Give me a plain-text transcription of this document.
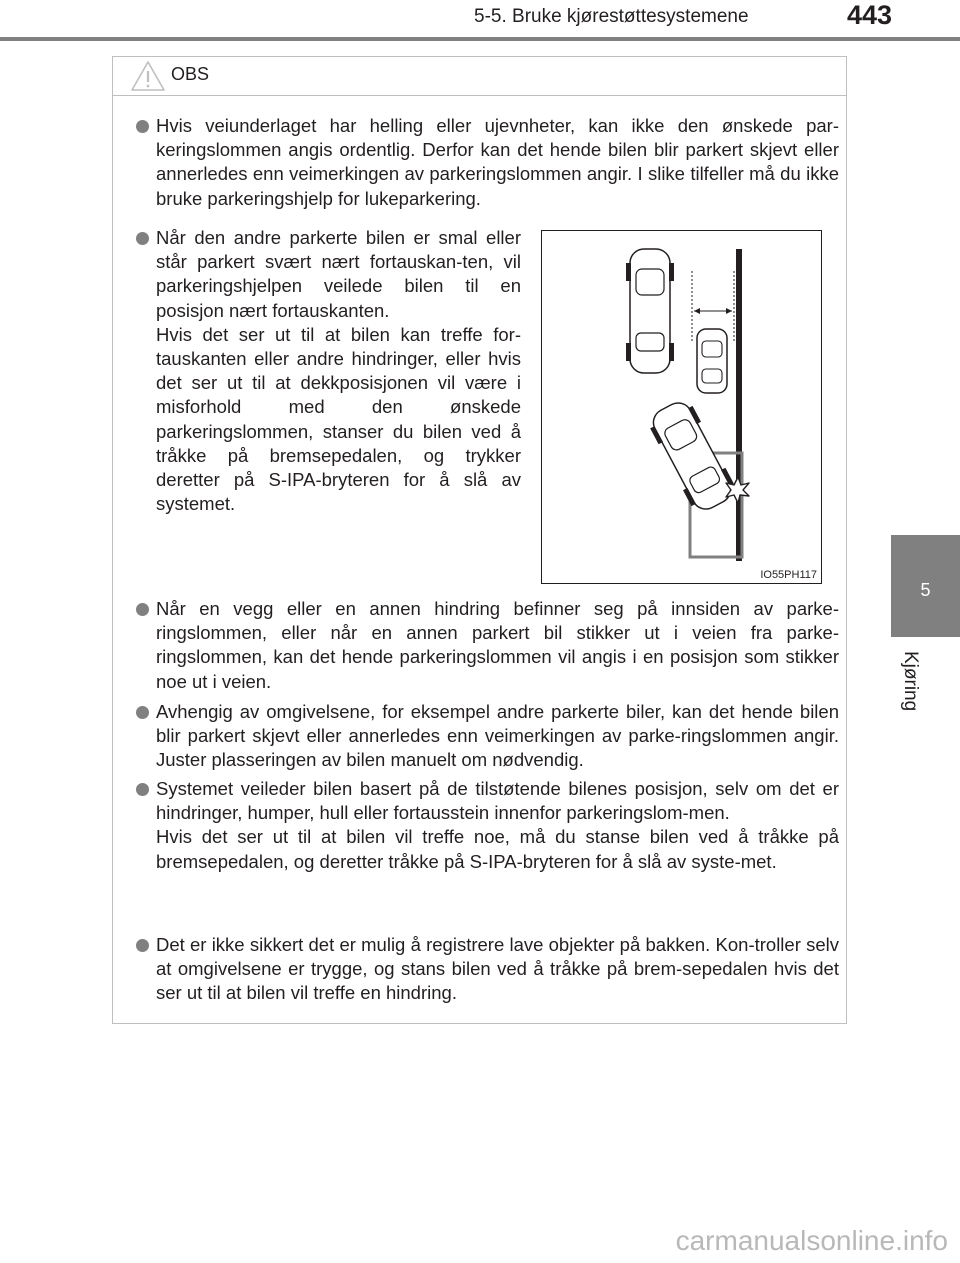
5-5. Bruke kjørestøttesystemene	443
5
Kjøring
OBS

Hvis veiunderlaget har helling eller ujevnheter, kan ikke den ønskede par-keringslommen angis ordentlig. Derfor kan det hende bilen blir parkert skjevt eller annerledes enn veimerkingen av parkeringslommen angir. I slike tilfeller må du ikke bruke parkeringshjelp for lukeparkering.

Når den andre parkerte bilen er smal eller står parkert svært nært fortauskan-ten, vil parkeringshjelpen veilede bilen til en posisjon nært fortauskanten.

Hvis det ser ut til at bilen kan treffe for-tauskanten eller andre hindringer, eller hvis det ser ut til at dekkposisjonen vil være i misforhold med den ønskede parkeringslommen, stanser du bilen ved å tråkke på bremsepedalen, og trykker deretter på S-IPA-bryteren for å slå av systemet.

IO55PH117

Når en vegg eller en annen hindring befinner seg på innsiden av parke-ringslommen, eller når en annen parkert bil stikker ut i veien fra parke-ringslommen, kan det hende parkeringslommen vil angis i en posisjon som stikker noe ut i veien.

Avhengig av omgivelsene, for eksempel andre parkerte biler, kan det hende bilen blir parkert skjevt eller annerledes enn veimerkingen av parke-ringslommen angir. Juster plasseringen av bilen manuelt om nødvendig.

Systemet veileder bilen basert på de tilstøtende bilenes posisjon, selv om det er hindringer, humper, hull eller fortausstein innenfor parkeringslom-men.

Hvis det ser ut til at bilen vil treffe noe, må du stanse bilen ved å tråkke på bremsepedalen, og deretter tråkke på S-IPA-bryteren for å slå av syste-met.

Det er ikke sikkert det er mulig å registrere lave objekter på bakken. Kon-troller selv at omgivelsene er trygge, og stans bilen ved å tråkke på brem-sepedalen hvis det ser ut til at bilen vil treffe en hindring.

carmanualsonline.info
